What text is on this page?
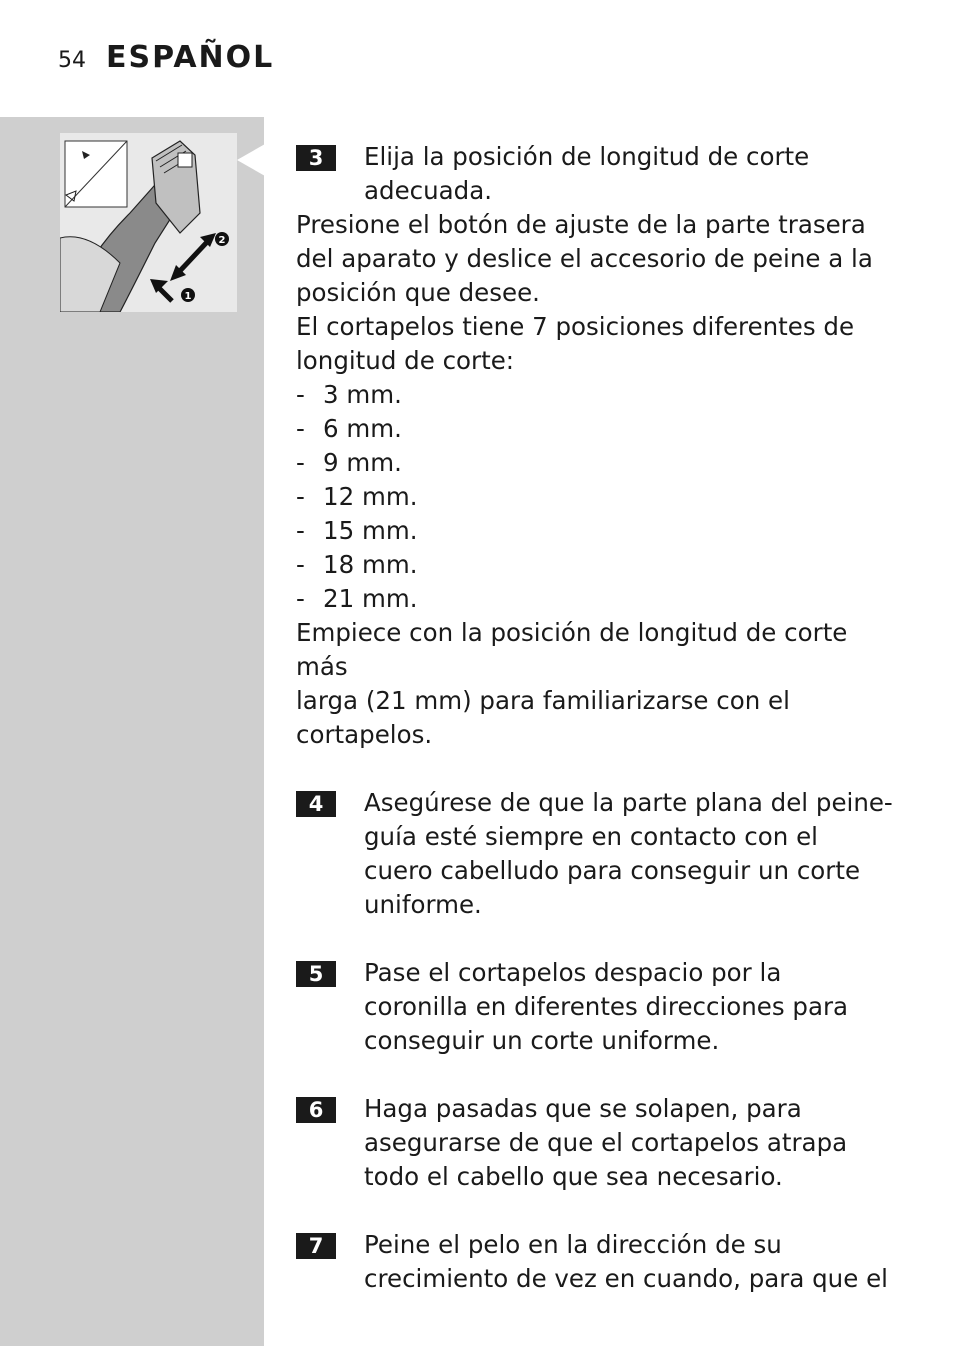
54 ESPAÑOL
1
2
3	Elija la posición de longitud de corte

adecuada.

Presione el botón de ajuste de la parte trasera

del aparato y deslice el accesorio de peine a la

posición que desee.

El cortapelos tiene 7 posiciones diferentes de

longitud de corte:

- 3 mm.
- 6 mm.
- 9 mm.
- 12 mm.
- 15 mm.
- 18 mm.
- 21 mm.

Empiece con la posición de longitud de corte más

larga (21 mm) para familiarizarse con el

cortapelos.

4	Asegúrese de que la parte plana del peine-

guía esté siempre en contacto con el

cuero cabelludo para conseguir un corte

uniforme.

5	Pase el cortapelos despacio por la

coronilla en diferentes direcciones para

conseguir un corte uniforme.

6	Haga pasadas que se solapen, para

asegurarse de que el cortapelos atrapa

todo el cabello que sea necesario.

7	Peine el pelo en la dirección de su

crecimiento de vez en cuando, para que el
